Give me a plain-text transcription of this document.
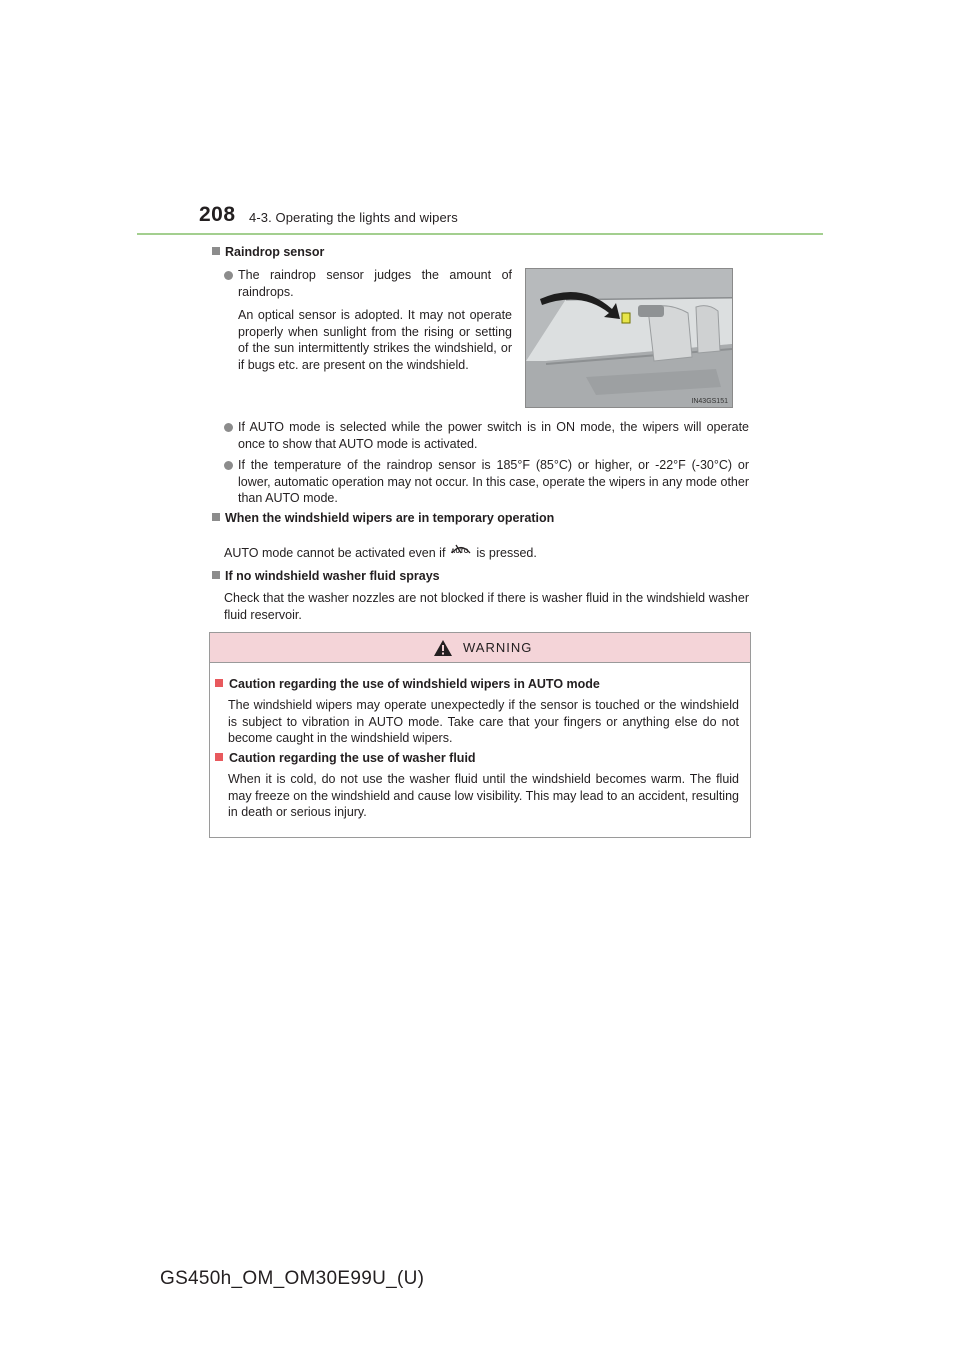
208 4-3. Operating the lights and wipers
Raindrop sensor
The raindrop sensor judges the amount of raindrops.
An optical sensor is adopted. It may not operate properly when sunlight from the rising or setting of the sun intermittently strikes the windshield, or if bugs etc. are present on the windshield.
IN43GS151
If AUTO mode is selected while the power switch is in ON mode, the wipers will operate once to show that AUTO mode is activated.
If the temperature of the raindrop sensor is 185°F (85°C) or higher, or -22°F (-30°C) or lower, automatic operation may not occur. In this case, operate the wipers in any mode other than AUTO mode.
When the windshield wipers are in temporary operation
AUTO mode cannot be activated even if AUTO is pressed.
If no windshield washer fluid sprays
Check that the washer nozzles are not blocked if there is washer fluid in the windshield washer fluid reservoir.
WARNING
Caution regarding the use of windshield wipers in AUTO mode
The windshield wipers may operate unexpectedly if the sensor is touched or the windshield is subject to vibration in AUTO mode. Take care that your fingers or anything else do not become caught in the windshield wipers.
Caution regarding the use of washer fluid
When it is cold, do not use the washer fluid until the windshield becomes warm. The fluid may freeze on the windshield and cause low visibility. This may lead to an accident, resulting in death or serious injury.
GS450h_OM_OM30E99U_(U)
